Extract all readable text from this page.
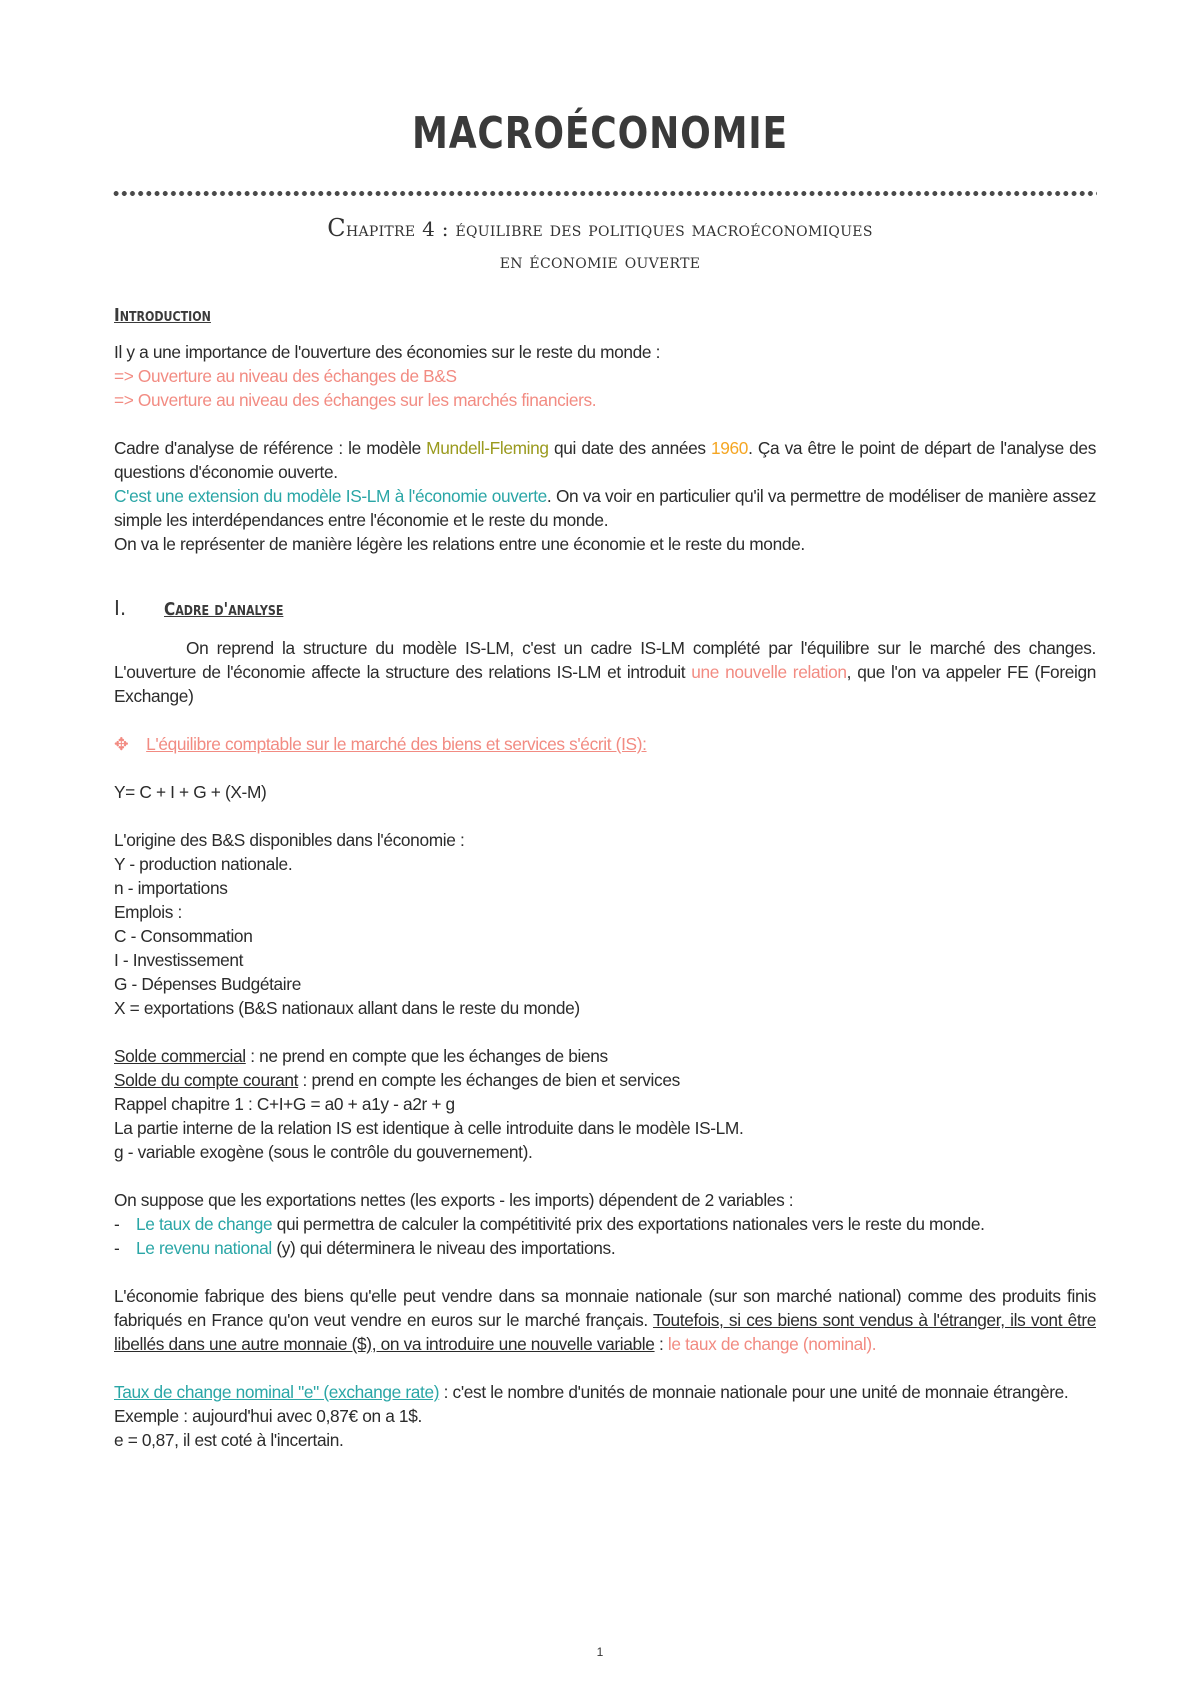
MACROÉCONOMIE
Chapitre 4 : équilibre des politiques macroéconomiques
en économie ouverte
Introduction

Il y a une importance de l'ouverture des économies sur le reste du monde :

=> Ouverture au niveau des échanges de B&S

=> Ouverture au niveau des échanges sur les marchés financiers.

Cadre d'analyse de référence : le modèle Mundell-Fleming qui date des années 1960. Ça va être le point de départ de l'analyse des questions d'économie ouverte.

C'est une extension du modèle IS-LM à l'économie ouverte. On va voir en particulier qu'il va permettre de modéliser de manière assez simple les interdépendances entre l'économie et le reste du monde.

On va le représenter de manière légère les relations entre une économie et le reste du monde.

I. Cadre d'analyse

On reprend la structure du modèle IS-LM, c'est un cadre IS-LM complété par l'équilibre sur le marché des changes. L'ouverture de l'économie affecte la structure des relations IS-LM et introduit une nouvelle relation, que l'on va appeler FE (Foreign Exchange)

✥ L'équilibre comptable sur le marché des biens et services s'écrit (IS):

Y= C + I + G + (X-M)

L'origine des B&S disponibles dans l'économie :

Y - production nationale.

n - importations

Emplois :

C - Consommation

I - Investissement

G - Dépenses Budgétaire

X = exportations (B&S nationaux allant dans le reste du monde)

Solde commercial : ne prend en compte que les échanges de biens

Solde du compte courant : prend en compte les échanges de bien et services

Rappel chapitre 1 : C+I+G = a0 + a1y - a2r + g

La partie interne de la relation IS est identique à celle introduite dans le modèle IS-LM.

g - variable exogène (sous le contrôle du gouvernement).

On suppose que les exportations nettes (les exports - les imports) dépendent de 2 variables :

- Le taux de change qui permettra de calculer la compétitivité prix des exportations nationales vers le reste du monde.
- Le revenu national (y) qui déterminera le niveau des importations.

L'économie fabrique des biens qu'elle peut vendre dans sa monnaie nationale (sur son marché national) comme des produits finis fabriqués en France qu'on veut vendre en euros sur le marché français. Toutefois, si ces biens sont vendus à l'étranger, ils vont être libellés dans une autre monnaie ($), on va introduire une nouvelle variable : le taux de change (nominal).

Taux de change nominal "e" (exchange rate) : c'est le nombre d'unités de monnaie nationale pour une unité de monnaie étrangère.

Exemple : aujourd'hui avec 0,87€ on a 1$.

e = 0,87, il est coté à l'incertain.

1
